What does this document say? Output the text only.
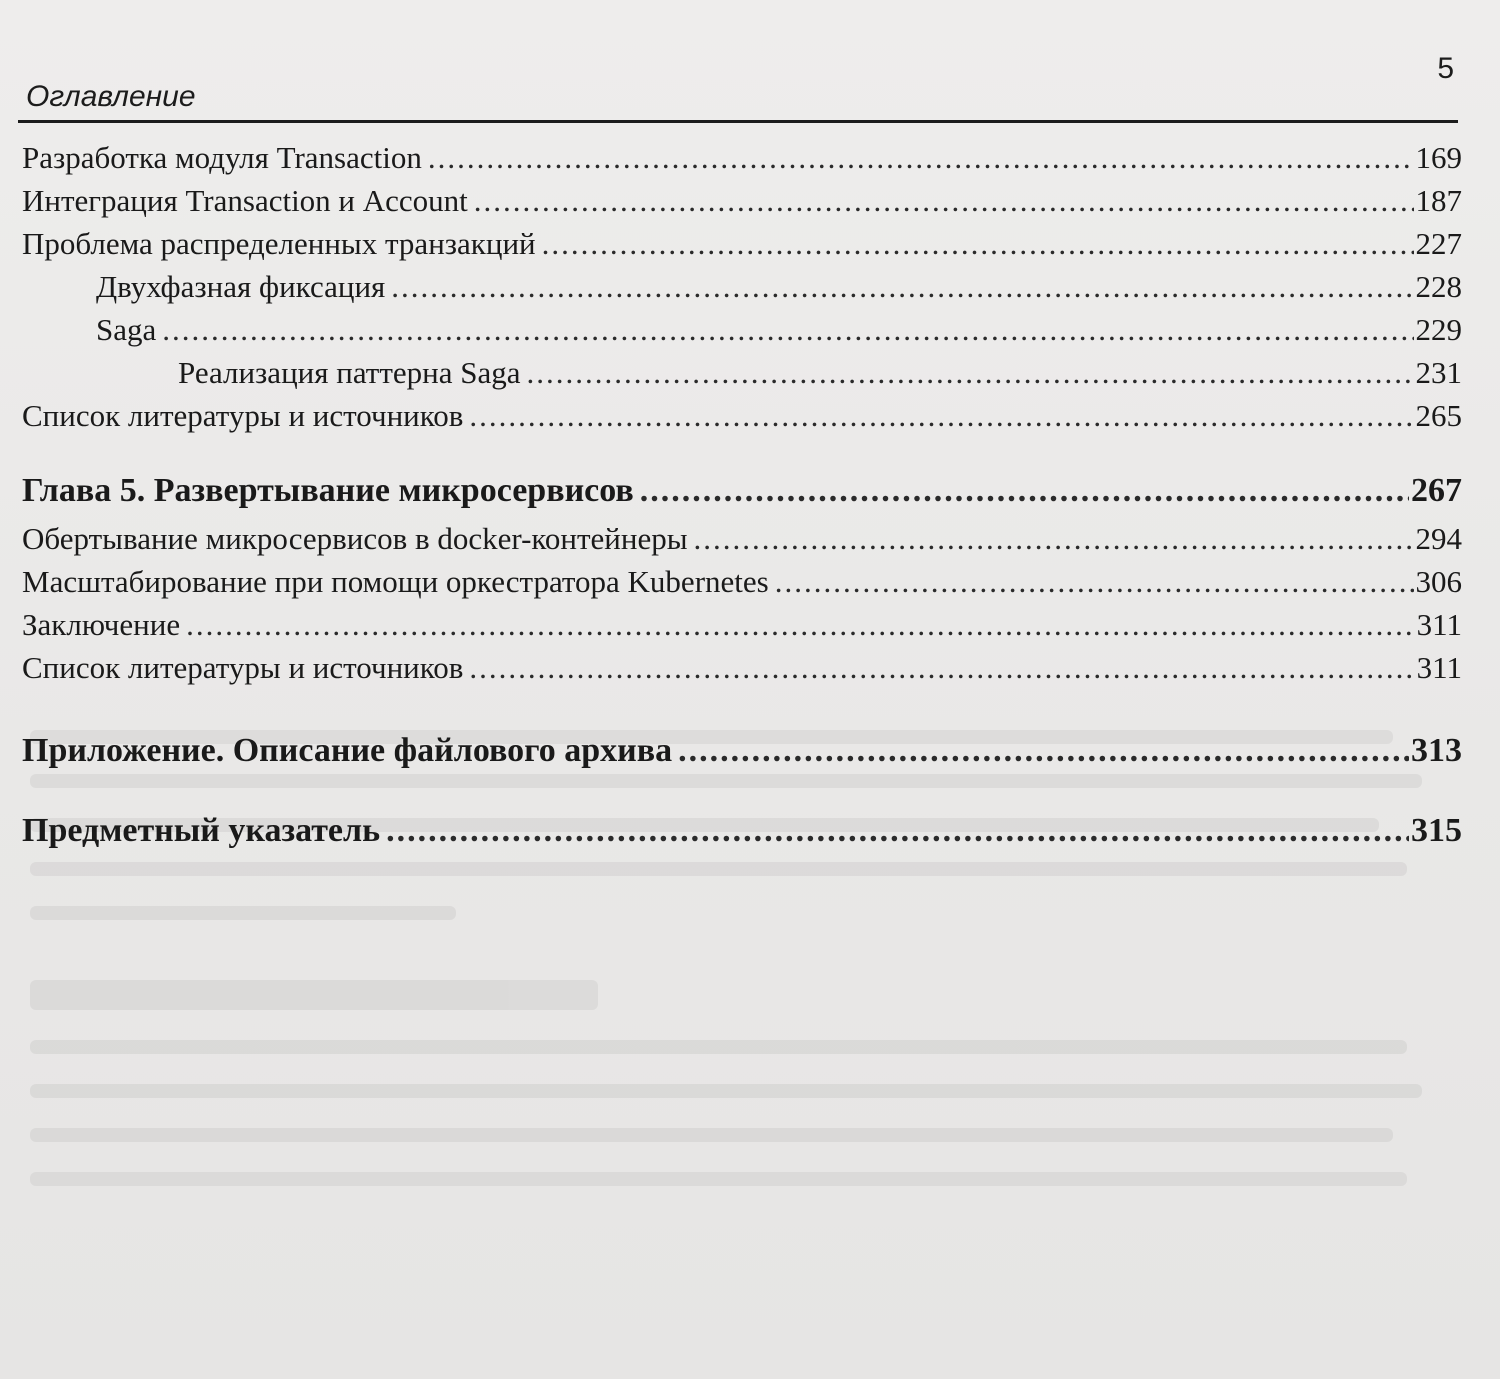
Оглавление
5
Разработка модуля Transaction .....	169
Интеграция Transaction и Account .....	187
Проблема распределенных транзакций .....	227
Двухфазная фиксация .....	228
Saga .....	229
Реализация паттерна Saga .....	231
Список литературы и источников .....	265
Глава 5. Развертывание микросервисов .....	267
Обертывание микросервисов в docker-контейнеры .....	294
Масштабирование при помощи оркестратора Kubernetes .....	306
Заключение .....	311
Список литературы и источников .....	311
Приложение. Описание файлового архива .....	313
Предметный указатель .....	315
